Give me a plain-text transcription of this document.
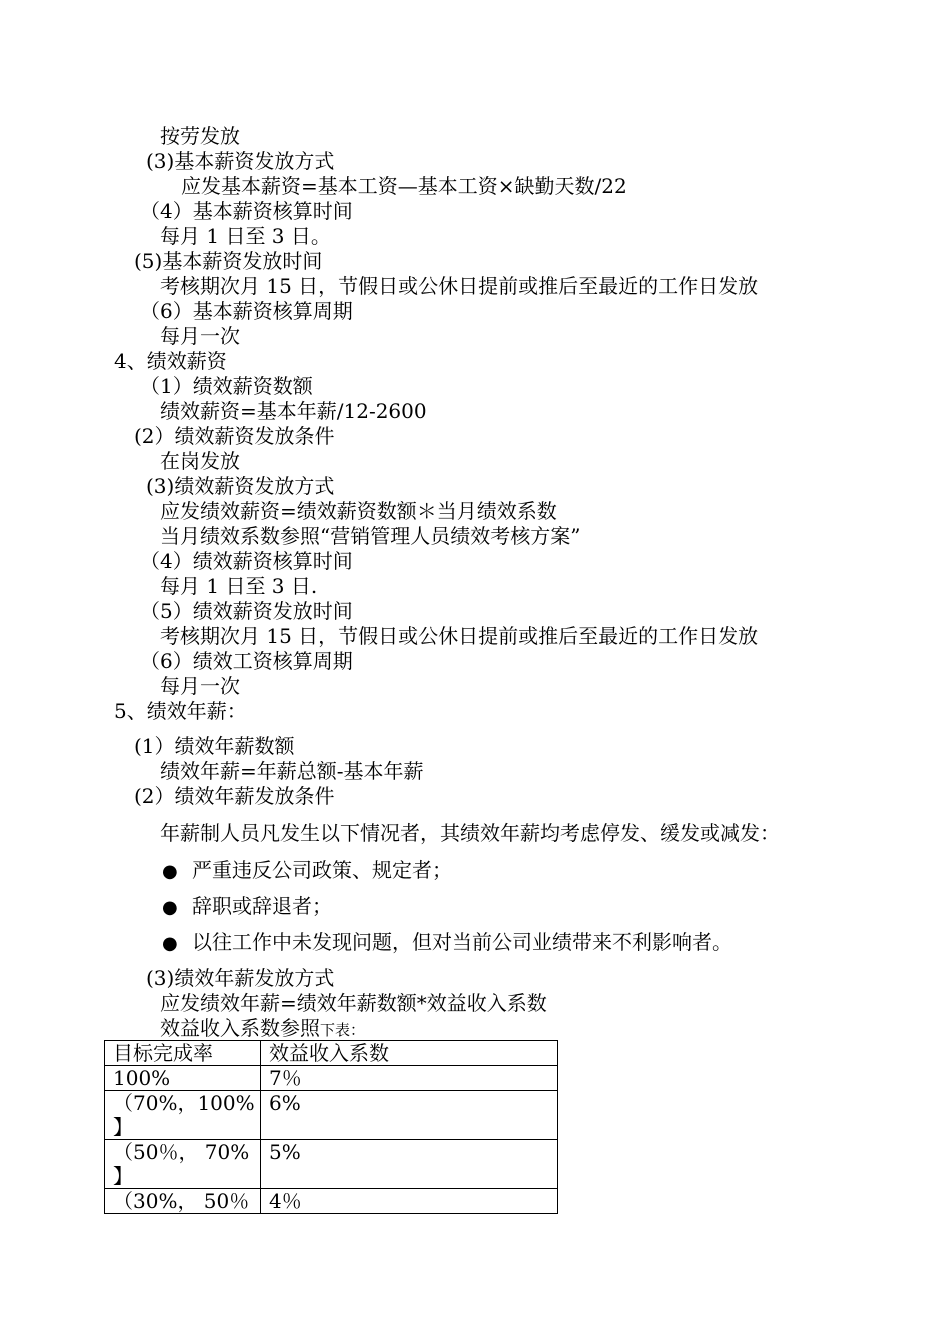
按劳发放
(3)基本薪资发放方式
应发基本薪资=基本工资—基本工资×缺勤天数/22
（4）基本薪资核算时间
每月 1 日至 3 日。
(5)基本薪资发放时间
考核期次月 15 日，节假日或公休日提前或推后至最近的工作日发放
（6）基本薪资核算周期
每月一次
4、绩效薪资
（1）绩效薪资数额
绩效薪资=基本年薪/12-2600
(2）绩效薪资发放条件
在岗发放
(3)绩效薪资发放方式
应发绩效薪资=绩效薪资数额＊当月绩效系数
当月绩效系数参照“营销管理人员绩效考核方案”
（4）绩效薪资核算时间
每月 1 日至 3 日.
（5）绩效薪资发放时间
考核期次月 15 日，节假日或公休日提前或推后至最近的工作日发放
（6）绩效工资核算周期
每月一次
5、绩效年薪：
(1）绩效年薪数额
绩效年薪=年薪总额-基本年薪
(2）绩效年薪发放条件
年薪制人员凡发生以下情况者，其绩效年薪均考虑停发、缓发或减发：
● 严重违反公司政策、规定者；
● 辞职或辞退者；
● 以往工作中未发现问题，但对当前公司业绩带来不利影响者。
(3)绩效年薪发放方式
应发绩效年薪=绩效年薪数额*效益收入系数
效益收入系数参照下表：
目标完成率	效益收入系数

100%	7％

（70%，100%
】	6%

（50％， 70%
】	5%

（30%， 50％	4％
